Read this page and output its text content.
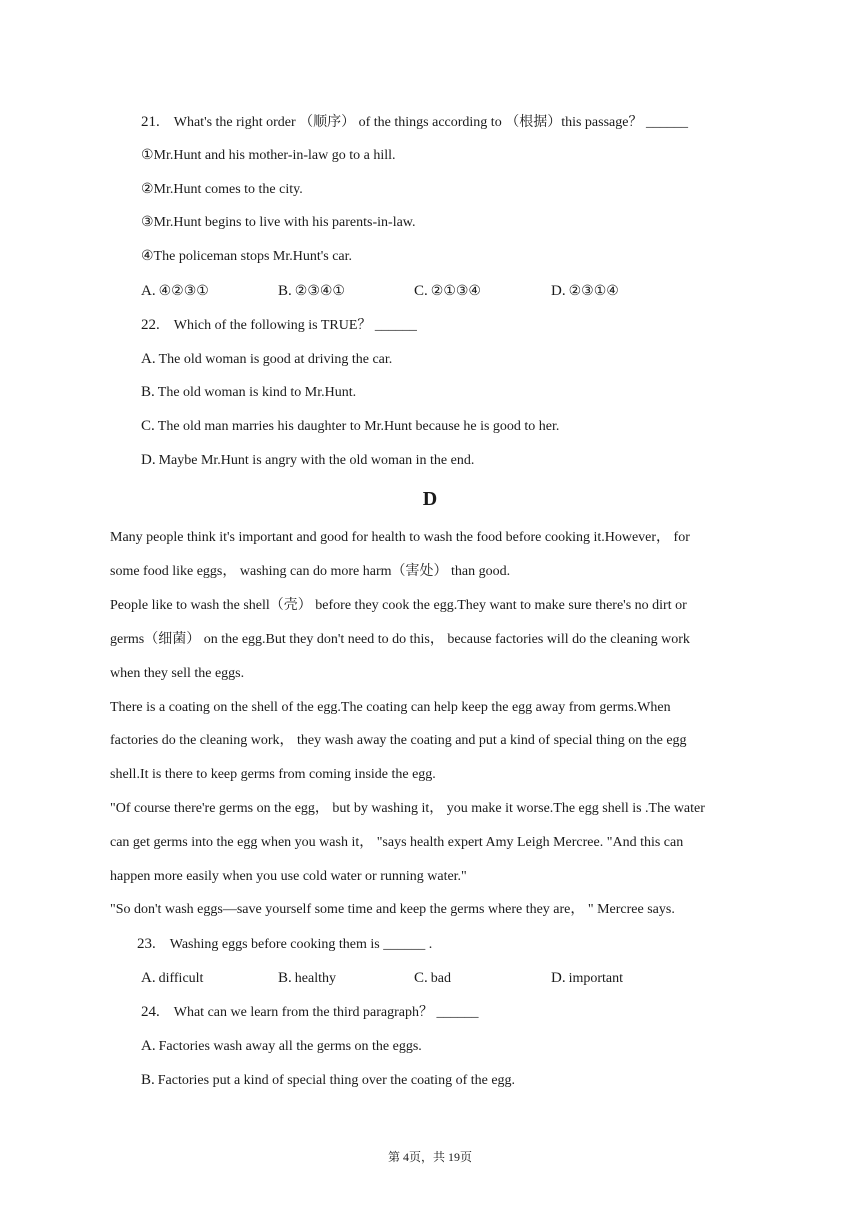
21. What's the right order （顺序） of the things according to （根据）this passage？ ______
①Mr.Hunt and his mother-in-law go to a hill.
②Mr.Hunt comes to the city.
③Mr.Hunt begins to live with his parents-in-law.
④The policeman stops Mr.Hunt's car.
A. ④②③①	B. ②③④①	C. ②①③④	D. ②③①④
22. Which of the following is TRUE？ ______
A. The old woman is good at driving the car.
B. The old woman is kind to Mr.Hunt.
C. The old man marries his daughter to Mr.Hunt because he is good to her.
D. Maybe Mr.Hunt is angry with the old woman in the end.
D
Many people think it's important and good for health to wash the food before cooking it.However， for
some food like eggs， washing can do more harm（害处） than good.
People like to wash the shell（壳） before they cook the egg.They want to make sure there's no dirt or
germs（细菌） on the egg.But they don't need to do this， because factories will do the cleaning work
when they sell the eggs.
There is a coating on the shell of the egg.The coating can help keep the egg away from germs.When
factories do the cleaning work， they wash away the coating and put a kind of special thing on the egg
shell.It is there to keep germs from coming inside the egg.
"Of course there're germs on the egg， but by washing it， you make it worse.The egg shell is .The water
can get germs into the egg when you wash it， "says health expert Amy Leigh Mercree. "And this can
happen more easily when you use cold water or running water."
"So don't wash eggs—save yourself some time and keep the germs where they are， " Mercree says.
23. Washing eggs before cooking them is ______ .
A. difficult	B. healthy	C. bad	D. important
24. What can we learn from the third paragraph？ ______
A. Factories wash away all the germs on the eggs.
B. Factories put a kind of special thing over the coating of the egg.
第 4页，共 19页
